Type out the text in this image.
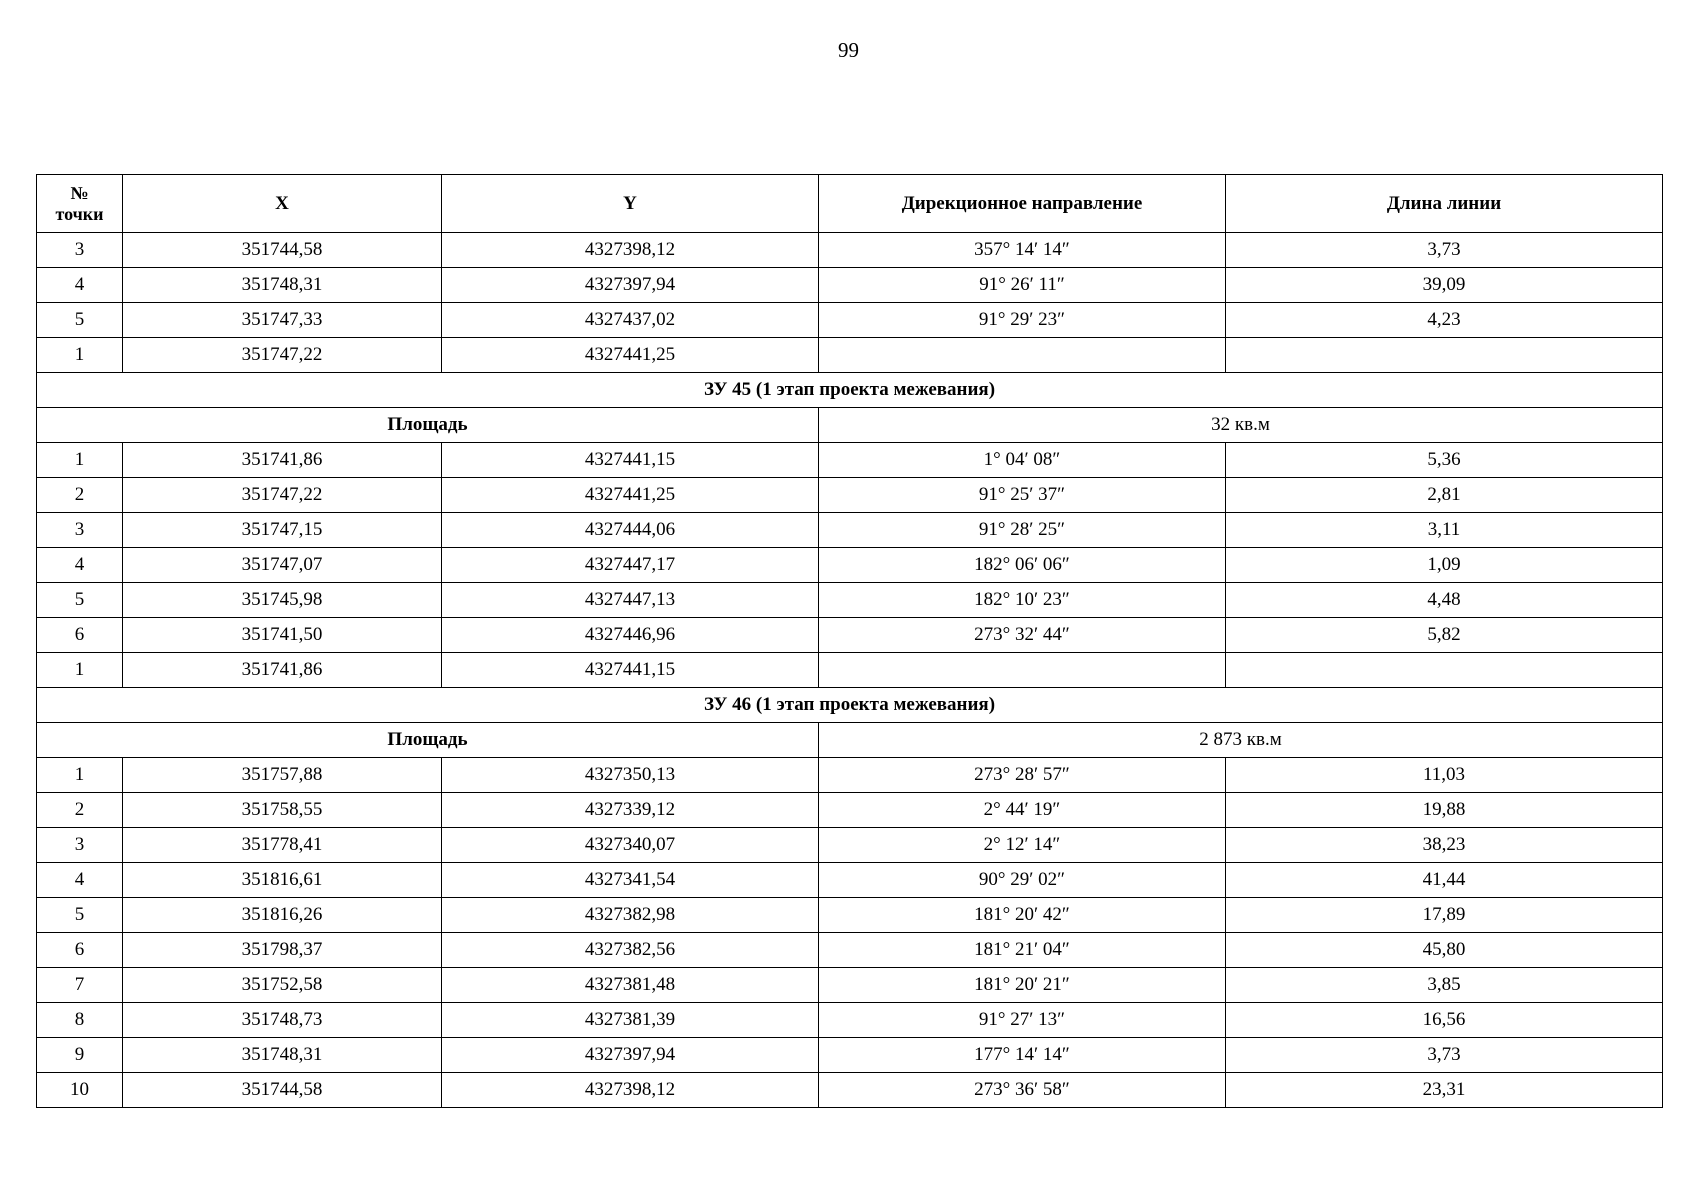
99
№
точки	X	Y	Дирекционное направление	Длина линии
3	351744,58	4327398,12	357° 14′ 14″	3,73
4	351748,31	4327397,94	91° 26′ 11″	39,09
5	351747,33	4327437,02	91° 29′ 23″	4,23
1	351747,22	4327441,25		
ЗУ 45 (1 этап проекта межевания)				
Площадь			32 кв.м	
1	351741,86	4327441,15	1° 04′ 08″	5,36
2	351747,22	4327441,25	91° 25′ 37″	2,81
3	351747,15	4327444,06	91° 28′ 25″	3,11
4	351747,07	4327447,17	182° 06′ 06″	1,09
5	351745,98	4327447,13	182° 10′ 23″	4,48
6	351741,50	4327446,96	273° 32′ 44″	5,82
1	351741,86	4327441,15		
ЗУ 46 (1 этап проекта межевания)				
Площадь			2 873 кв.м	
1	351757,88	4327350,13	273° 28′ 57″	11,03
2	351758,55	4327339,12	2° 44′ 19″	19,88
3	351778,41	4327340,07	2° 12′ 14″	38,23
4	351816,61	4327341,54	90° 29′ 02″	41,44
5	351816,26	4327382,98	181° 20′ 42″	17,89
6	351798,37	4327382,56	181° 21′ 04″	45,80
7	351752,58	4327381,48	181° 20′ 21″	3,85
8	351748,73	4327381,39	91° 27′ 13″	16,56
9	351748,31	4327397,94	177° 14′ 14″	3,73
10	351744,58	4327398,12	273° 36′ 58″	23,31
